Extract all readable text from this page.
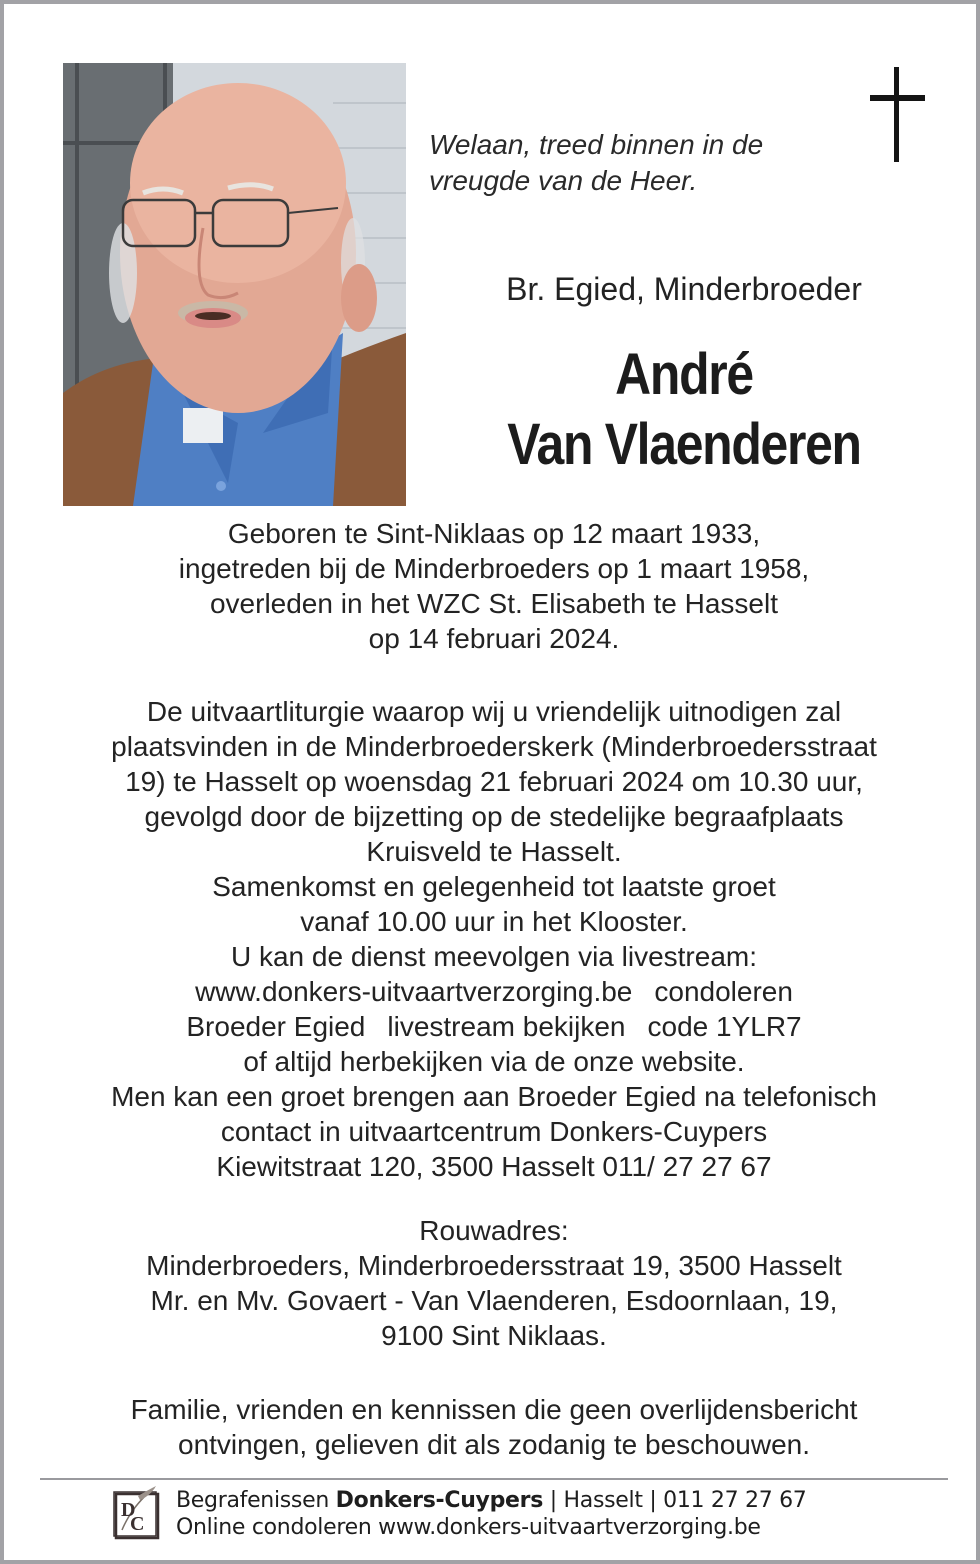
Welaan, treed binnen in de
vreugde van de Heer.
Br. Egied, Minderbroeder
André
Van Vlaenderen

Geboren te Sint-Niklaas op 12 maart 1933,

ingetreden bij de Minderbroeders op 1 maart 1958,

overleden in het WZC St. Elisabeth te Hasselt

op 14 februari 2024.

De uitvaartliturgie waarop wij u vriendelijk uitnodigen zal

plaatsvinden in de Minderbroederskerk (Minderbroedersstraat

19) te Hasselt op woensdag 21 februari 2024 om 10.30 uur,

gevolgd door de bijzetting op de stedelijke begraafplaats

Kruisveld te Hasselt.

Samenkomst en gelegenheid tot laatste groet

vanaf 10.00 uur in het Klooster.

U kan de dienst meevolgen via livestream:

www.donkers-uitvaartverzorging.be condoleren

Broeder Egied livestream bekijken code 1YLR7

of altijd herbekijken via de onze website.

Men kan een groet brengen aan Broeder Egied na telefonisch

contact in uitvaartcentrum Donkers-Cuypers

Kiewitstraat 120, 3500 Hasselt 011/ 27 27 67

Rouwadres:

Minderbroeders, Minderbroedersstraat 19, 3500 Hasselt

Mr. en Mv. Govaert - Van Vlaenderen, Esdoornlaan, 19,

9100 Sint Niklaas.

Familie, vrienden en kennissen die geen overlijdensbericht

ontvingen, gelieven dit als zodanig te beschouwen.

D
C
Begrafenissen Donkers-Cuypers | Hasselt | 011 27 27 67
Online condoleren www.donkers-uitvaartverzorging.be
